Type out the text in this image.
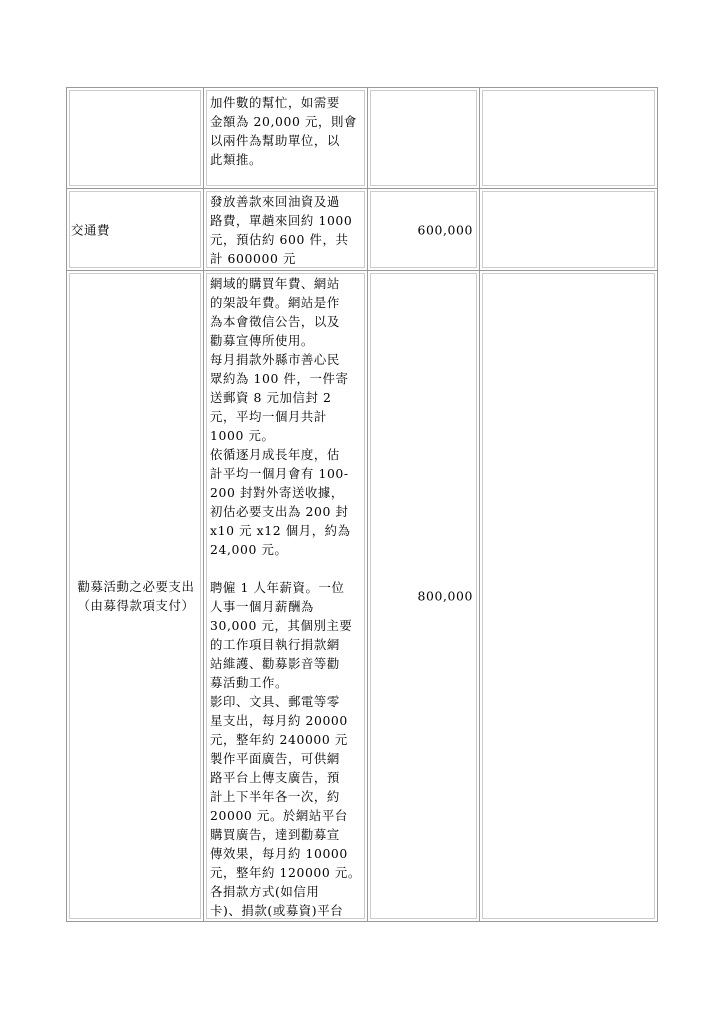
加件數的幫忙，如需要
金額為 20,000 元，則會
以兩件為幫助單位，以
此類推。
交通費
發放善款來回油資及過
路費，單趟來回約 1000
元，預估約 600 件，共
計 600000 元
600,000
勸募活動之必要支出
（由募得款項支付）
網域的購買年費、網站
的架設年費。網站是作
為本會徵信公告，以及
勸募宣傳所使用。
每月捐款外縣市善心民
眾約為 100 件，一件寄
送郵資 8 元加信封 2
元，平均一個月共計
1000 元。
依循逐月成長年度，估
計平均一個月會有 100-
200 封對外寄送收據，
初估必要支出為 200 封
x10 元 x12 個月，約為
24,000 元。

聘僱 1 人年薪資。一位
人事一個月薪酬為
30,000 元，其個別主要
的工作項目執行捐款網
站維護、勸募影音等勸
募活動工作。
影印、文具、郵電等零
星支出，每月約 20000
元，整年約 240000 元
製作平面廣告，可供網
路平台上傳支廣告，預
計上下半年各一次，約
20000 元。於網站平台
購買廣告，達到勸募宣
傳效果，每月約 10000
元，整年約 120000 元。
各捐款方式(如信用
卡)、捐款(或募資)平台
800,000
